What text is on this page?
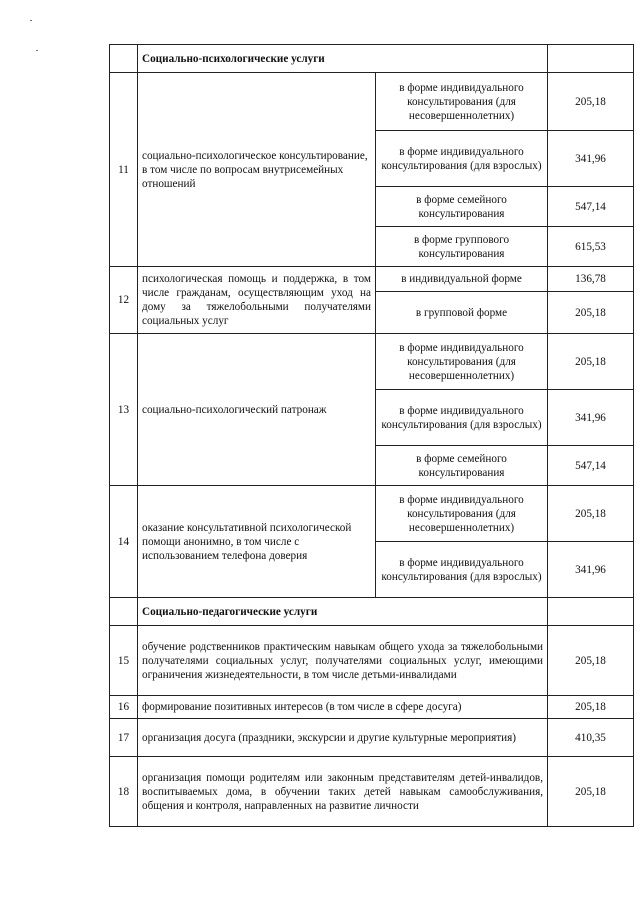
	Социально-психологические услуги		
11	социально-психологическое консультирование, в том числе по вопросам внутрисемейных отношений	в форме индивидуального консультирования (для несовершеннолетних)	205,18
		в форме индивидуального консультирования (для взрослых)	341,96
		в форме семейного консультирования	547,14
		в форме группового консультирования	615,53
12	психологическая помощь и поддержка, в том числе гражданам, осуществляющим уход на дому за тяжелобольными получателями социальных услуг	в индивидуальной форме	136,78
		в групповой форме	205,18
13	социально-психологический патронаж	в форме индивидуального консультирования (для несовершеннолетних)	205,18
		в форме индивидуального консультирования (для взрослых)	341,96
		в форме семейного консультирования	547,14
14	оказание консультативной психологической помощи анонимно, в том числе с использованием телефона доверия	в форме индивидуального консультирования (для несовершеннолетних)	205,18
		в форме индивидуального консультирования (для взрослых)	341,96
	Социально-педагогические услуги		
15	обучение родственников практическим навыкам общего ухода за тяжелобольными получателями социальных услуг, получателями социальных услуг, имеющими ограничения жизнедеятельности, в том числе детьми-инвалидами		205,18
16	формирование позитивных интересов (в том числе в сфере досуга)		205,18
17	организация досуга (праздники, экскурсии и другие культурные мероприятия)		410,35
18	организация помощи родителям или законным представителям детей-инвалидов, воспитываемых дома, в обучении таких детей навыкам самообслуживания, общения и контроля, направленных на развитие личности		205,18
